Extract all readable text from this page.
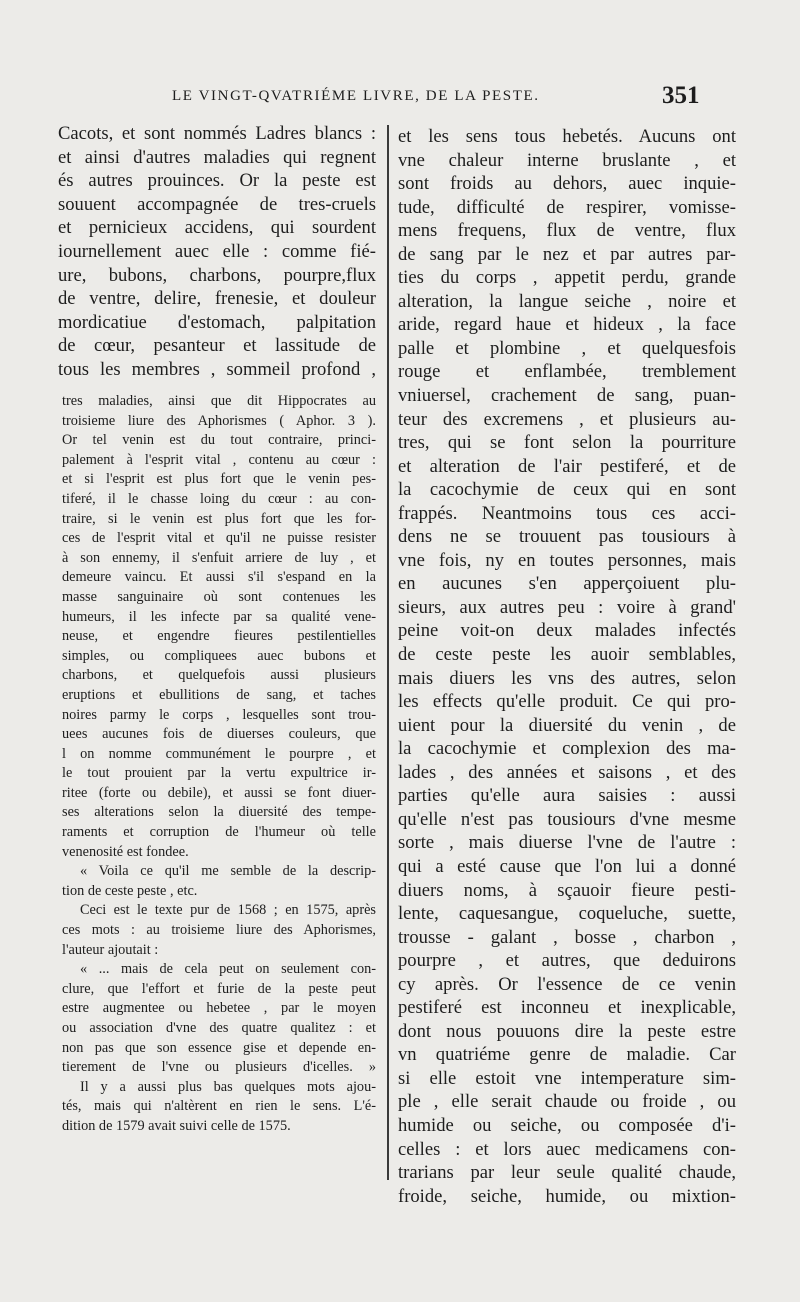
LE VINGT-QVATRIÉME LIVRE, DE LA PESTE.	351
Cacots, et sont nommés Ladres blancs :
et ainsi d'autres maladies qui regnent
és autres prouinces. Or la peste est
souuent accompagnée de tres-cruels
et pernicieux accidens, qui sourdent
iournellement auec elle : comme fié-
ure, bubons, charbons, pourpre,flux
de ventre, delire, frenesie, et douleur
mordicatiue d'estomach, palpitation
de cœur, pesanteur et lassitude de
tous les membres , sommeil profond ,
tres maladies, ainsi que dit Hippocrates au
troisieme liure des Aphorismes ( Aphor. 3 ).
Or tel venin est du tout contraire, princi-
palement à l'esprit vital , contenu au cœur :
et si l'esprit est plus fort que le venin pes-
tiferé, il le chasse loing du cœur : au con-
traire, si le venin est plus fort que les for-
ces de l'esprit vital et qu'il ne puisse resister
à son ennemy, il s'enfuit arriere de luy , et
demeure vaincu. Et aussi s'il s'espand en la
masse sanguinaire où sont contenues les
humeurs, il les infecte par sa qualité vene-
neuse, et engendre fieures pestilentielles
simples, ou compliquees auec bubons et
charbons, et quelquefois aussi plusieurs
eruptions et ebullitions de sang, et taches
noires parmy le corps , lesquelles sont trou-
uees aucunes fois de diuerses couleurs, que
l on nomme communément le pourpre , et
le tout prouient par la vertu expultrice ir-
ritee (forte ou debile), et aussi se font diuer-
ses alterations selon la diuersité des tempe-
raments et corruption de l'humeur où telle
venenosité est fondee.
« Voila ce qu'il me semble de la descrip-
tion de ceste peste , etc.
Ceci est le texte pur de 1568 ; en 1575, après
ces mots : au troisieme liure des Aphorismes,
l'auteur ajoutait :
« ... mais de cela peut on seulement con-
clure, que l'effort et furie de la peste peut
estre augmentee ou hebetee , par le moyen
ou association d'vne des quatre qualitez : et
non pas que son essence gise et depende en-
tierement de l'vne ou plusieurs d'icelles. »
Il y a aussi plus bas quelques mots ajou-
tés, mais qui n'altèrent en rien le sens. L'é-
dition de 1579 avait suivi celle de 1575.
et les sens tous hebetés. Aucuns ont
vne chaleur interne bruslante , et
sont froids au dehors, auec inquie-
tude, difficulté de respirer, vomisse-
mens frequens, flux de ventre, flux
de sang par le nez et par autres par-
ties du corps , appetit perdu, grande
alteration, la langue seiche , noire et
aride, regard haue et hideux , la face
palle et plombine , et quelquesfois
rouge et enflambée, tremblement
vniuersel, crachement de sang, puan-
teur des excremens , et plusieurs au-
tres, qui se font selon la pourriture
et alteration de l'air pestiferé, et de
la cacochymie de ceux qui en sont
frappés. Neantmoins tous ces acci-
dens ne se trouuent pas tousiours à
vne fois, ny en toutes personnes, mais
en aucunes s'en apperçoiuent plu-
sieurs, aux autres peu : voire à grand'
peine voit-on deux malades infectés
de ceste peste les auoir semblables,
mais diuers les vns des autres, selon
les effects qu'elle produit. Ce qui pro-
uient pour la diuersité du venin , de
la cacochymie et complexion des ma-
lades , des années et saisons , et des
parties qu'elle aura saisies : aussi
qu'elle n'est pas tousiours d'vne mesme
sorte , mais diuerse l'vne de l'autre :
qui a esté cause que l'on lui a donné
diuers noms, à sçauoir fieure pesti-
lente, caquesangue, coqueluche, suette,
trousse - galant , bosse , charbon ,
pourpre , et autres, que deduirons
cy après. Or l'essence de ce venin
pestiferé est inconneu et inexplicable,
dont nous pouuons dire la peste estre
vn quatriéme genre de maladie. Car
si elle estoit vne intemperature sim-
ple , elle serait chaude ou froide , ou
humide ou seiche, ou composée d'i-
celles : et lors auec medicamens con-
trarians par leur seule qualité chaude,
froide, seiche, humide, ou mixtion-
